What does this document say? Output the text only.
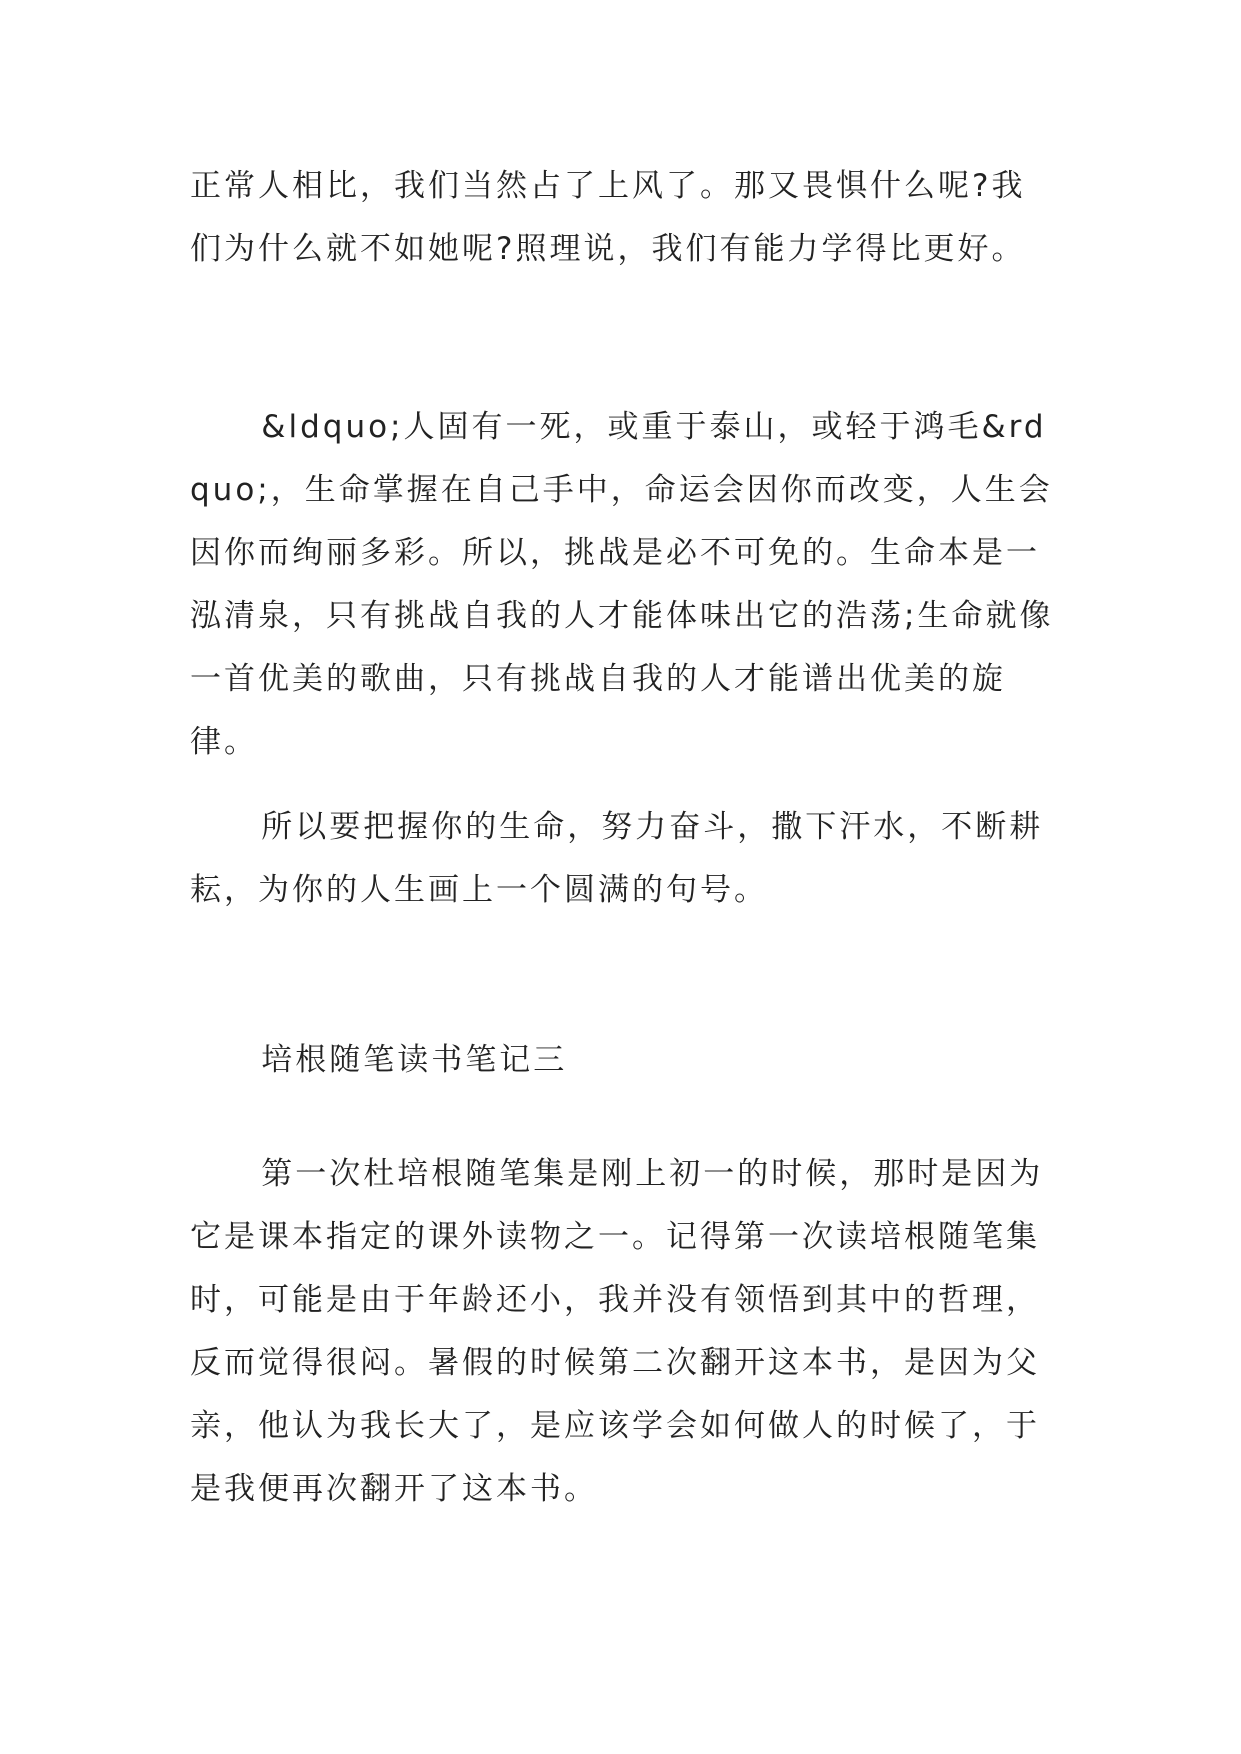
正常人相比，我们当然占了上风了。那又畏惧什么呢?我们为什么就不如她呢?照理说，我们有能力学得比更好。

&ldquo;人固有一死，或重于泰山，或轻于鸿毛&rdquo;，生命掌握在自己手中，命运会因你而改变，人生会因你而绚丽多彩。所以，挑战是必不可免的。生命本是一泓清泉，只有挑战自我的人才能体味出它的浩荡;生命就像一首优美的歌曲，只有挑战自我的人才能谱出优美的旋律。

所以要把握你的生命，努力奋斗，撒下汗水，不断耕耘，为你的人生画上一个圆满的句号。

培根随笔读书笔记三

第一次杜培根随笔集是刚上初一的时候，那时是因为它是课本指定的课外读物之一。记得第一次读培根随笔集时，可能是由于年龄还小，我并没有领悟到其中的哲理，反而觉得很闷。暑假的时候第二次翻开这本书，是因为父亲，他认为我长大了，是应该学会如何做人的时候了，于是我便再次翻开了这本书。
